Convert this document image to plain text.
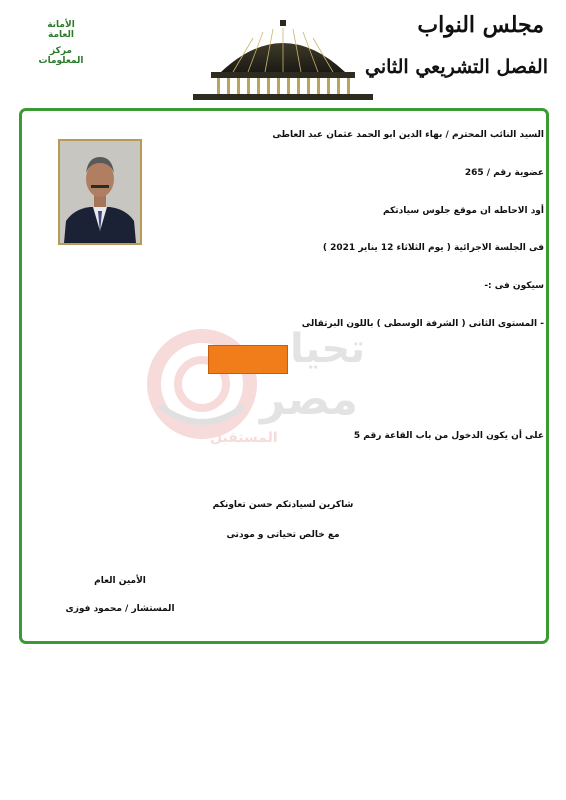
الأمانة العامة
مركز المعلومات
مجلس النواب
الفصل التشريعي الثاني
تحيا
مصر
المستقبل
السيد النائب المحترم / بهاء الدين ابو الحمد عثمان عبد العاطى
عضوية رقم / 265
أود الاحاطه ان موقع جلوس سيادتكم
فى الجلسة الاجرائية ( يوم الثلاثاء 12 يناير 2021 )
سيكون فى :-
- المستوى الثانى ( الشرفة الوسطى ) باللون البرتقالى
على أن يكون الدخول من باب القاعة رقم 5
شاكرين لسيادتكم حسن تعاونكم
مع خالص تحياتى و مودتى
الأمين العام
المستشار / محمود فوزى
